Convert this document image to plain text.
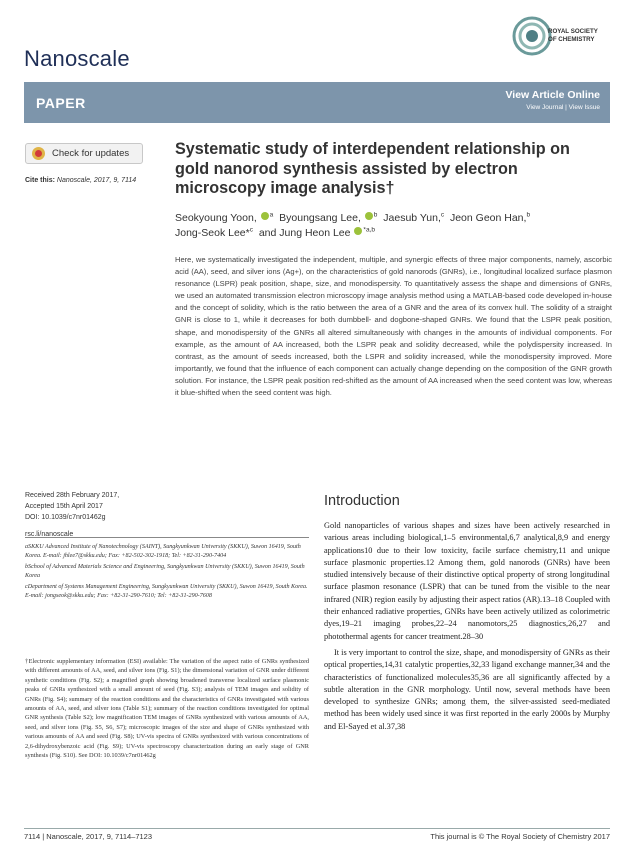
Nanoscale
ROYAL SOCIETY
OF CHEMISTRY
PAPER	View Article Online
View Journal | View Issue
Check for updates
Cite this: Nanoscale, 2017, 9, 7114
Received 28th February 2017,
Accepted 15th April 2017
DOI: 10.1039/c7nr01462g
rsc.li/nanoscale
Systematic study of interdependent relationship on gold nanorod synthesis assisted by electron microscopy image analysis†
Seokyoung Yoon, $^a$ Byoungsang Lee, $^b$ Jaesub Yun,$^c$ Jeon Geon Han,$^b$
Jong-Seok Lee*$^c$ and Jung Heon Lee $^{*a,b}$
Here, we systematically investigated the independent, multiple, and synergic effects of three major components, namely, ascorbic acid (AA), seed, and silver ions (Ag+), on the characteristics of gold nanorods (GNRs), i.e., longitudinal localized surface plasmon resonance (LSPR) peak position, shape, size, and monodispersity. To quantitatively assess the shape and dimensions of GNRs, we used an automated transmission electron microscopy image analysis method using a MATLAB-based code developed in-house and the concept of solidity, which is the ratio between the area of a GNR and the area of its convex hull. The solidity of a straight GNR is close to 1, while it decreases for both dumbbell- and dogbone-shaped GNRs. We found that the LSPR peak position, shape, and monodispersity of the GNRs all altered simultaneously with changes in the amounts of individual components. For example, as the amount of AA increased, both the LSPR peak and solidity decreased, while the polydispersity increased. In contrast, as the amount of seeds increased, both the LSPR and solidity increased, while the monodispersity improved. More importantly, we found that the influence of each component can actually change depending on the composition of the GNR growth solution. For instance, the LSPR peak position red-shifted as the amount of AA increased when the seed content was low, whereas it blue-shifted when the seed content was high.
Introduction

Gold nanoparticles of various shapes and sizes have been actively researched in various areas including biological,1–5 environmental,6,7 analytical,8,9 and energy applications10 due to their low toxicity, facile surface chemistry,11 and unique surface plasmonic properties.12 Among them, gold nanorods (GNRs) have been studied intensively because of their distinctive optical property of strong longitudinal surface plasmon resonance (LSPR) that can be tuned from the visible to the near infrared (NIR) region easily by adjusting their aspect ratios (AR).13–18 Coupled with their enhanced radiative properties, GNRs have been actively utilized as colorimetric dyes,19–21 imaging probes,22–24 nanomotors,25 diagnostics,26,27 and photothermal agents for cancer treatment.28–30

It is very important to control the size, shape, and monodispersity of GNRs as their optical properties,14,31 catalytic properties,32,33 ligand exchange manner,34 and the characteristics of functionalized molecules35,36 are all significantly affected by a subtle alteration in the GNR morphology. Until now, several methods have been developed to synthesize GNRs; among them, the silver-assisted seed-mediated method has been widely used since it was first reported in the early 2000s by Murphy and El-Sayed et al.37,38

aSKKU Advanced Institute of Nanotechnology (SAINT), Sungkyunkwan University (SKKU), Suwon 16419, South Korea. E-mail: jhlee7@skku.edu; Fax: +82-502-302-1918; Tel: +82-31-290-7404

bSchool of Advanced Materials Science and Engineering, Sungkyunkwan University (SKKU), Suwon 16419, South Korea

cDepartment of Systems Management Engineering, Sungkyunkwan University (SKKU), Suwon 16419, South Korea. E-mail: jongseok@skku.edu; Fax: +82-31-290-7610; Tel: +82-31-290-7608

†Electronic supplementary information (ESI) available: The variation of the aspect ratio of GNRs synthesized with different amounts of AA, seed, and silver ions (Fig. S1); the dimensional variation of GNR under different synthetic conditions (Fig. S2); a magnified graph showing broadened transverse localized surface plasmonic peaks of GNRs synthesized with a small amount of seed (Fig. S3); analysis of TEM images and solidity of GNRs (Fig. S4); summary of the reaction conditions and the characteristics of GNRs investigated with various amounts of AA, seed, and silver ions (Table S1); summary of the reaction conditions investigated for optimal GNR synthesis (Table S2); low magnification TEM images of GNRs synthesized with various amounts of AA, seed, and silver ions (Fig. S5, S6, S7); microscopic images of the size and shape of GNRs synthesized with various amounts of AA and seed (Fig. S8); UV-vis spectra of GNRs synthesized with various concentrations of 2,6-dihydroxybenzoic acid (Fig. S9); UV-vis spectroscopy characterization during an early stage of GNR synthesis (Fig. S10). See DOI: 10.1039/c7nr01462g
7114 | Nanoscale, 2017, 9, 7114–7123	This journal is © The Royal Society of Chemistry 2017
